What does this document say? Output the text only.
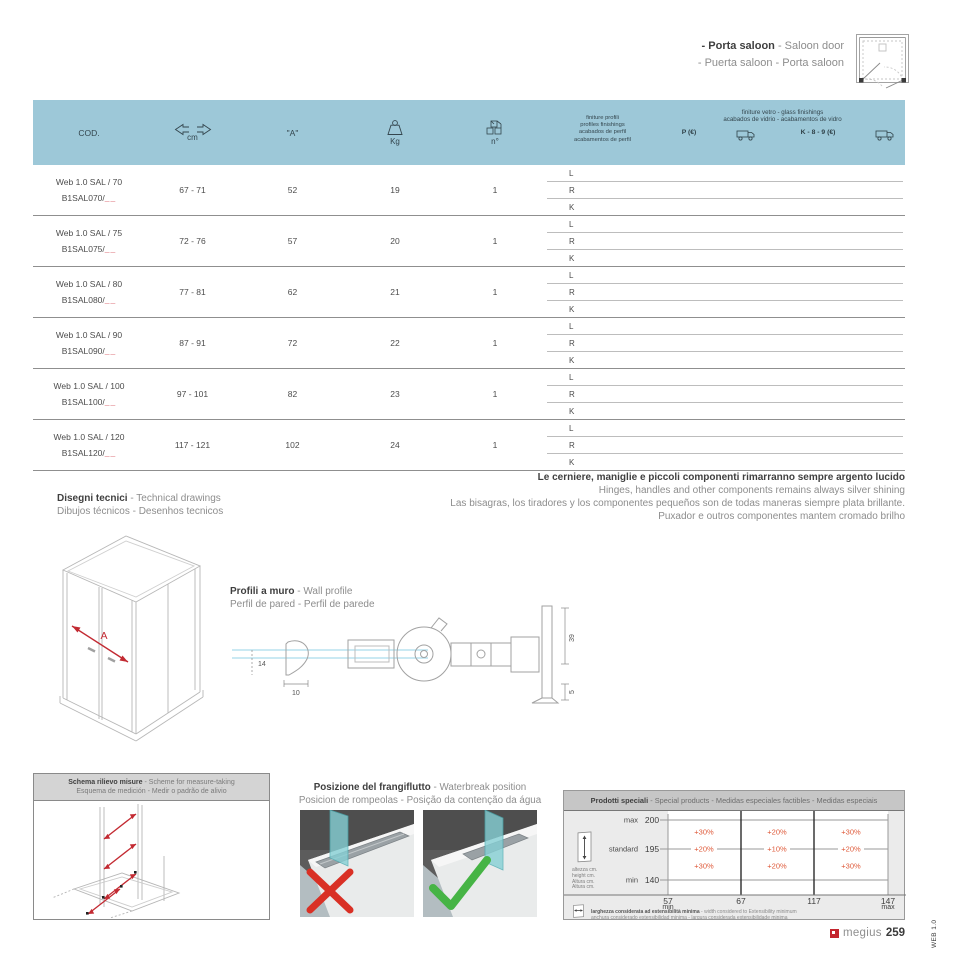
- Porta saloon - Saloon door
- Puerta saloon - Porta saloon
COD.	cm	"A"
Kg	n°
finiture profili
profiles finishings
acabados de perfil
acabamentos de perfil
finiture vetro - glass finishings
acabados de vidrio - acabamentos de vidro
P (€)	K - 8 - 9 (€)
Web 1.0 SAL / 70
B1SAL070/__
67 - 71	52	19	1
L
R
K
Web 1.0 SAL / 75
B1SAL075/__
72 - 76	57	20	1
L
R
K
Web 1.0 SAL / 80
B1SAL080/__
77 - 81	62	21	1
L
R
K
Web 1.0 SAL / 90
B1SAL090/__
87 - 91	72	22	1
L
R
K
Web 1.0 SAL / 100
B1SAL100/__
97 - 101	82	23	1
L
R
K
Web 1.0 SAL / 120
B1SAL120/__
117 - 121	102	24	1
L
R
K
Le cerniere, maniglie e piccoli componenti rimarranno sempre argento lucido
Hinges, handles and other components remains always silver shining
Las bisagras, los tiradores y los componentes pequeños son de todas maneras siempre plata brillante.
Puxador e outros componentes mantem cromado brilho
Disegni tecnici - Technical drawings
Dibujos técnicos - Desenhos tecnicos
A
Profili a muro - Wall profile
Perfil de pared - Perfil de parede
14
10
39
5
Schema rilievo misure - Scheme for measure-taking
Esquema de medición - Medir o padrão de alivio	Posizione del frangiflutto - Waterbreak position
Posicion de rompeolas - Posição da contenção da água	Prodotti speciali - Special products - Medidas especiales factibles - Medidas especiais
altezza cm.
height cm.
Altura cm.
Altura cm.
max 200
standard 195
min 140
+30%	+20%	+30%
+20%	+10%	+20%
+30%	+20%	+30%
57
min
67	117	147
max
larghezza considerata ad estensibilità minima - width considered to Extensibility minimum
anchura considerado extensibilidad minima - largura considerada extensibilidade minima
megius 259	WEB 1.0
